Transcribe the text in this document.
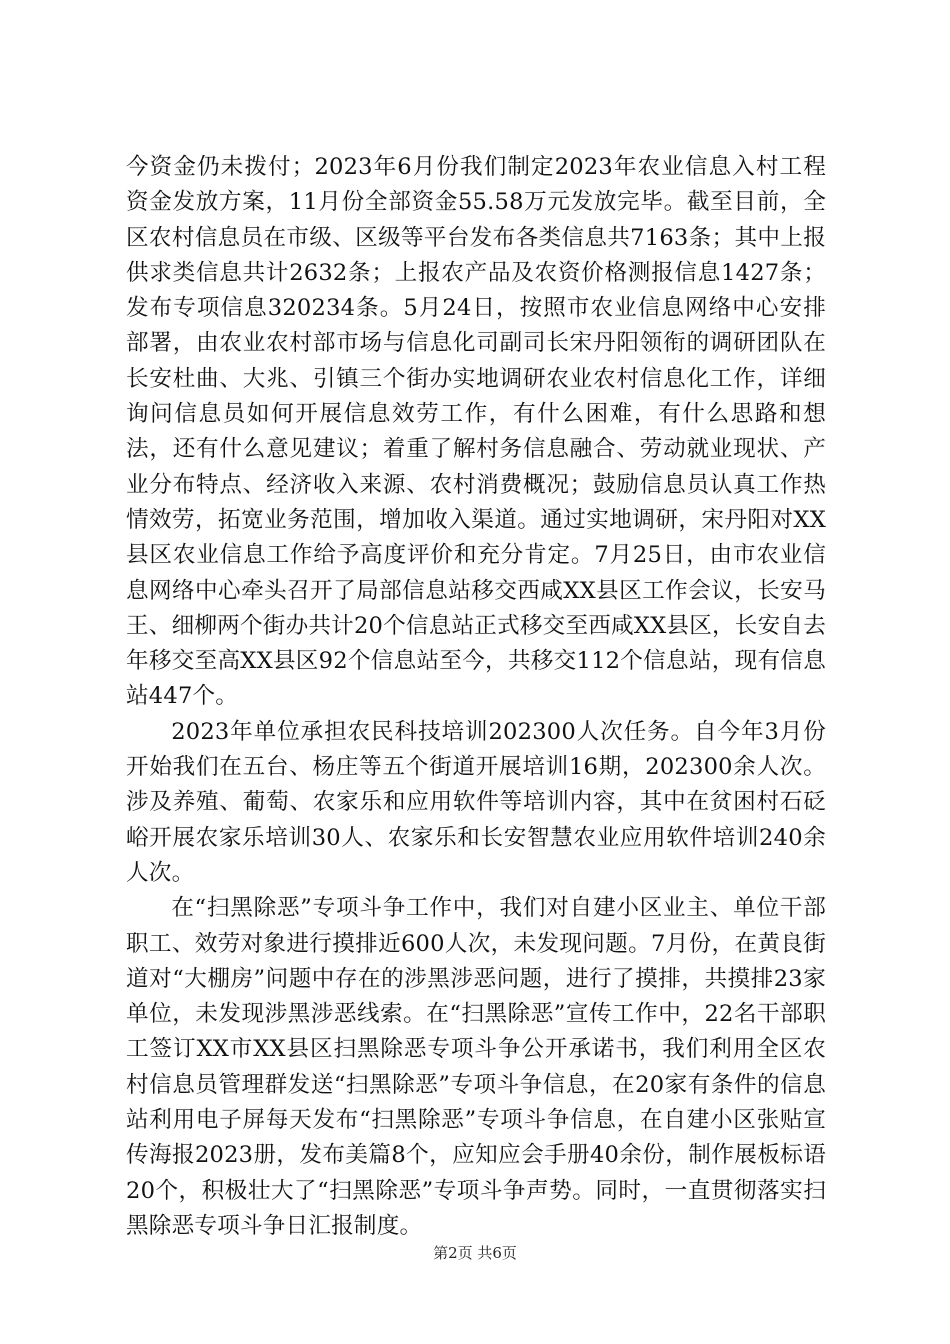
今资金仍未拨付；2023年6月份我们制定2023年农业信息入村工程资金发放方案，11月份全部资金55.58万元发放完毕。截至目前，全区农村信息员在市级、区级等平台发布各类信息共7163条；其中上报供求类信息共计2632条；上报农产品及农资价格测报信息1427条；发布专项信息320234条。5月24日，按照市农业信息网络中心安排部署，由农业农村部市场与信息化司副司长宋丹阳领衔的调研团队在长安杜曲、大兆、引镇三个街办实地调研农业农村信息化工作，详细询问信息员如何开展信息效劳工作，有什么困难，有什么思路和想法，还有什么意见建议；着重了解村务信息融合、劳动就业现状、产业分布特点、经济收入来源、农村消费概况；鼓励信息员认真工作热情效劳，拓宽业务范围，增加收入渠道。通过实地调研，宋丹阳对XX县区农业信息工作给予高度评价和充分肯定。7月25日，由市农业信息网络中心牵头召开了局部信息站移交西咸XX县区工作会议，长安马王、细柳两个街办共计20个信息站正式移交至西咸XX县区，长安自去年移交至高XX县区92个信息站至今，共移交112个信息站，现有信息站447个。

2023年单位承担农民科技培训202300人次任务。自今年3月份开始我们在五台、杨庄等五个街道开展培训16期，202300余人次。涉及养殖、葡萄、农家乐和应用软件等培训内容，其中在贫困村石砭峪开展农家乐培训30人、农家乐和长安智慧农业应用软件培训240余人次。

在“扫黑除恶”专项斗争工作中，我们对自建小区业主、单位干部职工、效劳对象进行摸排近600人次，未发现问题。7月份，在黄良街道对“大棚房”问题中存在的涉黑涉恶问题，进行了摸排，共摸排23家单位，未发现涉黑涉恶线索。在“扫黑除恶”宣传工作中，22名干部职工签订XX市XX县区扫黑除恶专项斗争公开承诺书，我们利用全区农村信息员管理群发送“扫黑除恶”专项斗争信息，在20家有条件的信息站利用电子屏每天发布“扫黑除恶”专项斗争信息，在自建小区张贴宣传海报2023册，发布美篇8个，应知应会手册40余份，制作展板标语20个，积极壮大了“扫黑除恶”专项斗争声势。同时，一直贯彻落实扫黑除恶专项斗争日汇报制度。

第2页 共6页
